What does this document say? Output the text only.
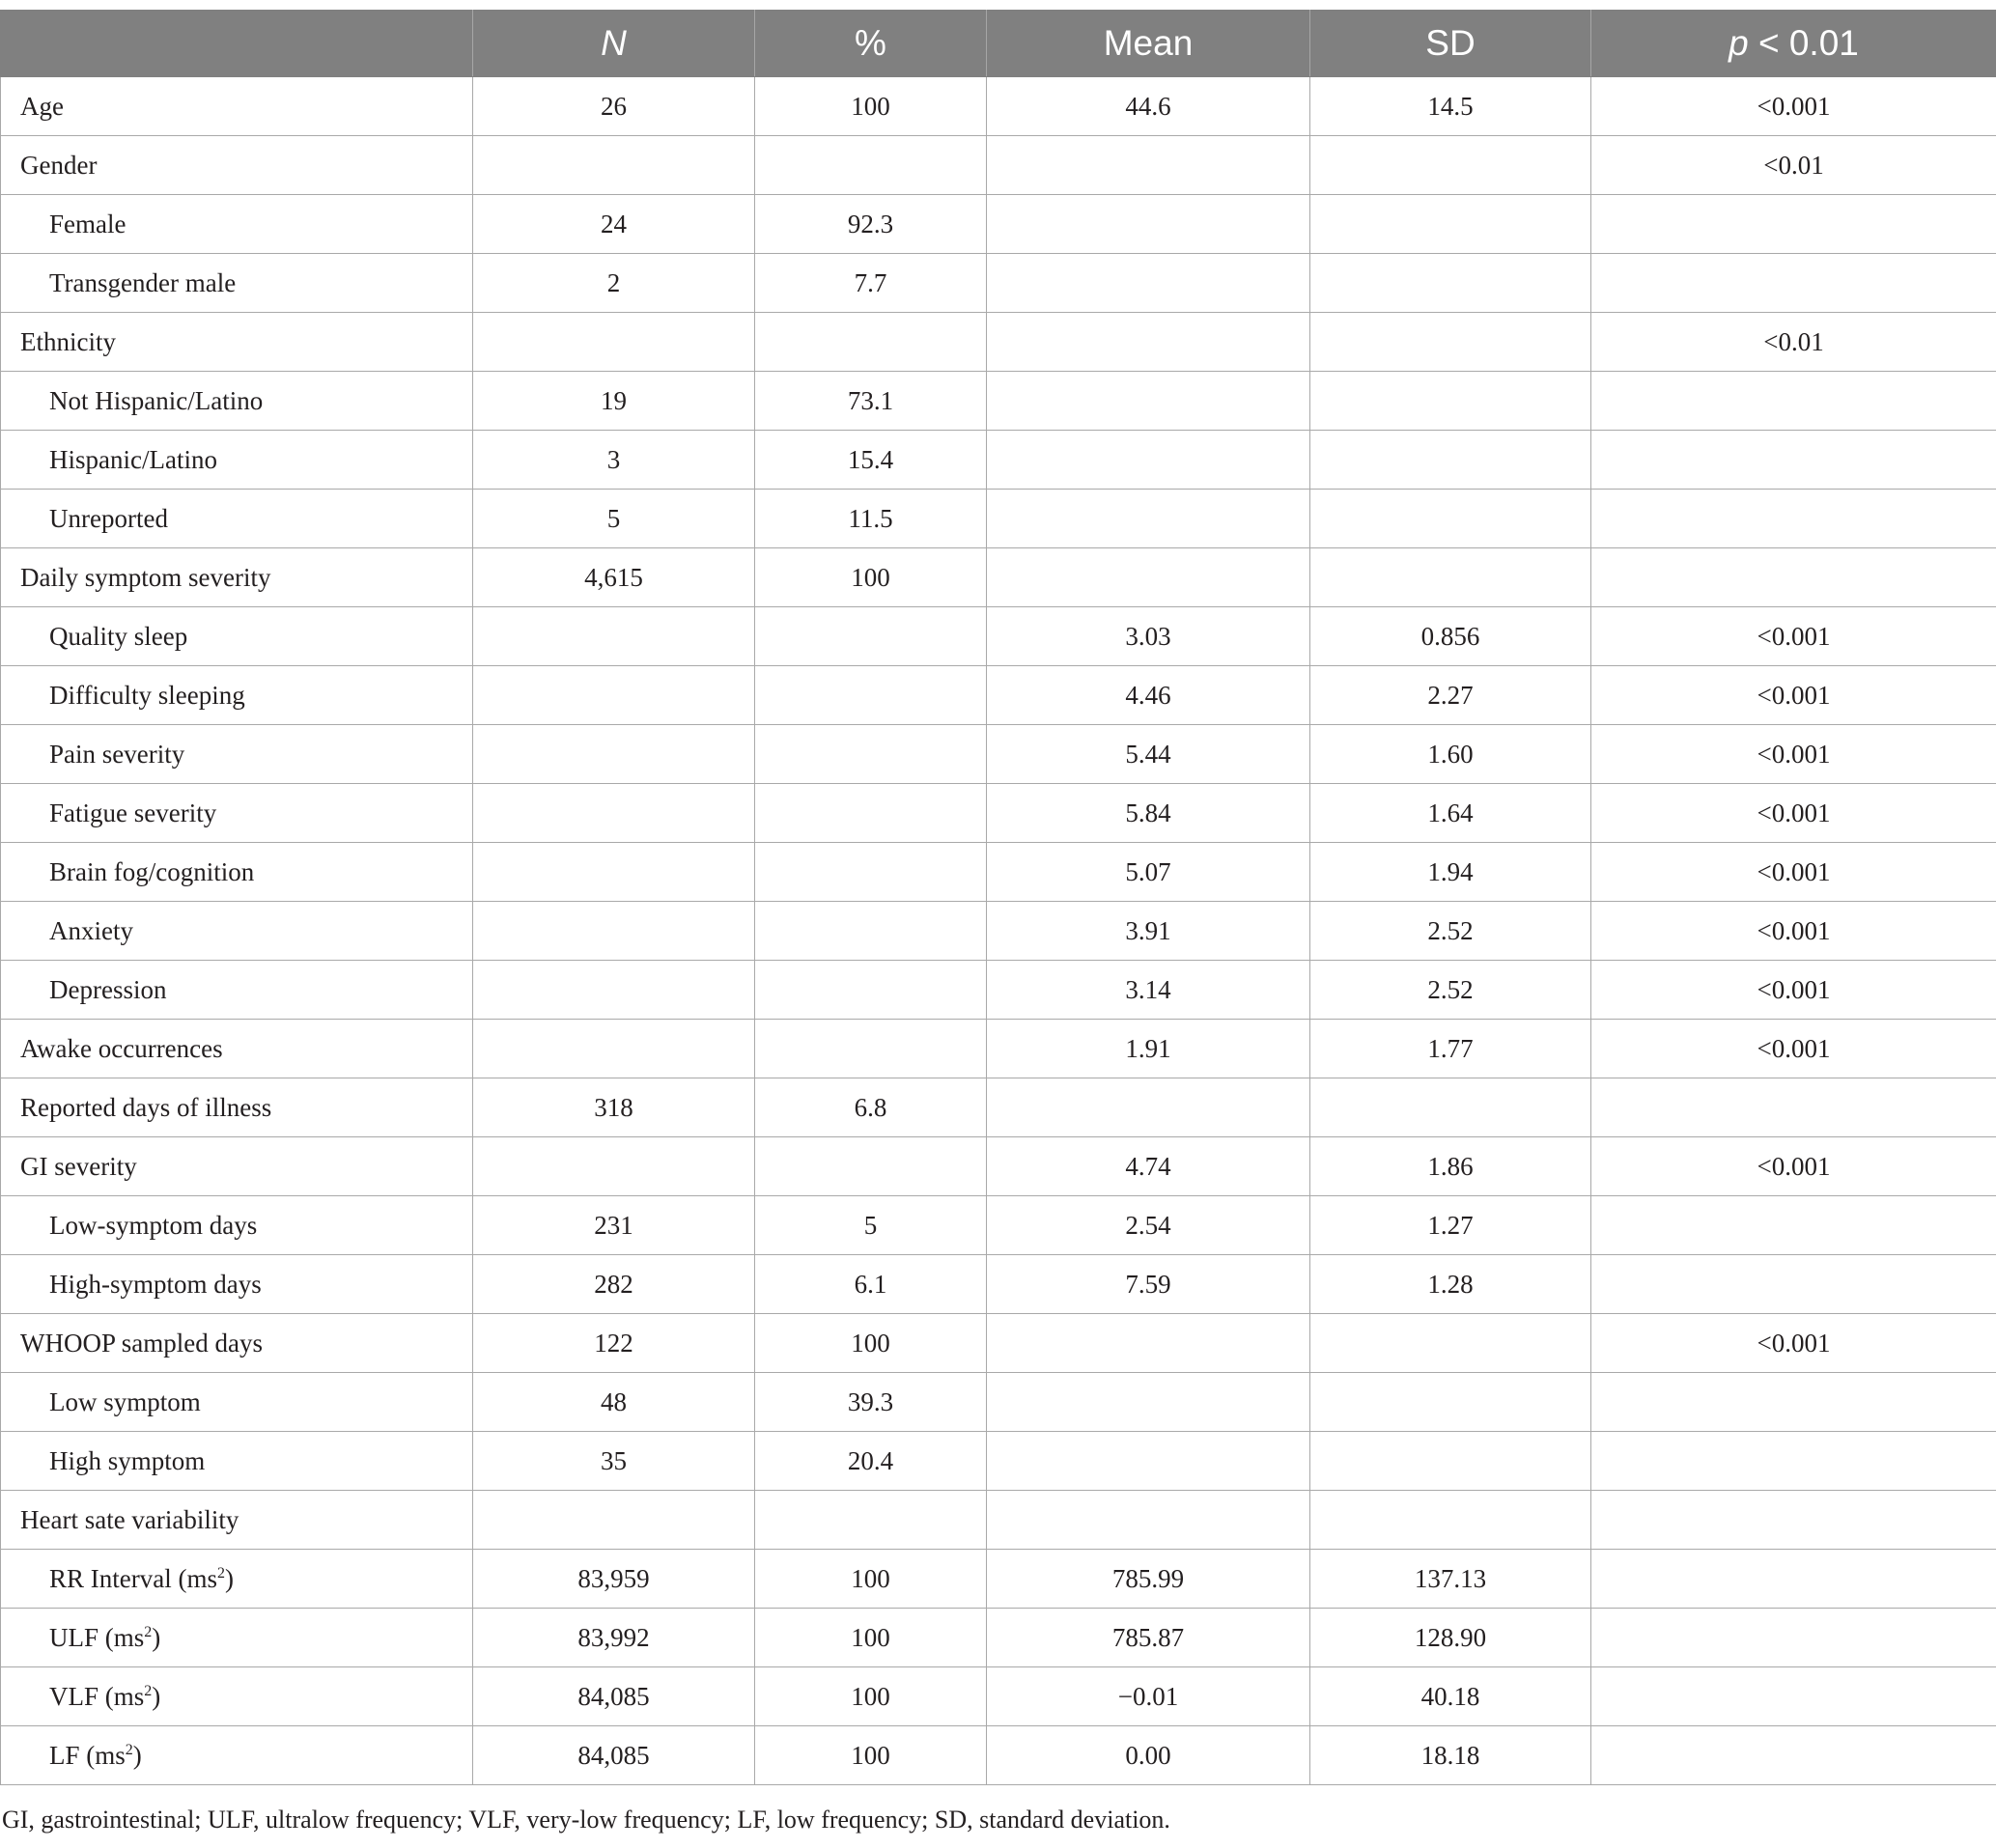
	N	%	Mean	SD	p < 0.01
Age	26	100	44.6	14.5	<0.001
Gender					<0.01
Female	24	92.3			
Transgender male	2	7.7			
Ethnicity					<0.01
Not Hispanic/Latino	19	73.1			
Hispanic/Latino	3	15.4			
Unreported	5	11.5			
Daily symptom severity	4,615	100			
Quality sleep			3.03	0.856	<0.001
Difficulty sleeping			4.46	2.27	<0.001
Pain severity			5.44	1.60	<0.001
Fatigue severity			5.84	1.64	<0.001
Brain fog/cognition			5.07	1.94	<0.001
Anxiety			3.91	2.52	<0.001
Depression			3.14	2.52	<0.001
Awake occurrences			1.91	1.77	<0.001
Reported days of illness	318	6.8			
GI severity			4.74	1.86	<0.001
Low-symptom days	231	5	2.54	1.27	
High-symptom days	282	6.1	7.59	1.28	
WHOOP sampled days	122	100			<0.001
Low symptom	48	39.3			
High symptom	35	20.4			
Heart sate variability					
RR Interval $(ms^2)$	83,959	100	785.99	137.13	
ULF $(ms^2)$	83,992	100	785.87	128.90	
VLF $(ms^2)$	84,085	100	−0.01	40.18	
LF $(ms^2)$	84,085	100	0.00	18.18	
GI, gastrointestinal; ULF, ultralow frequency; VLF, very-low frequency; LF, low frequency; SD, standard deviation.
